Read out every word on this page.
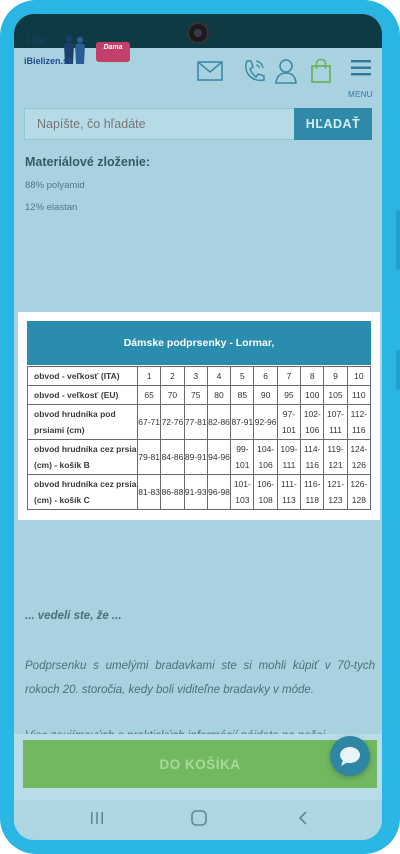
L&M
iBielizen.sk
Dama
MENU
Napíšte, čo hľadáte
HĽADAŤ
Materiálové zloženie:
88% polyamid
12% elastan
Dámske podprsenky - Lormar,
obvod - veľkosť (ITA)	1	2	3	4	5	6	7	8	9	10
obvod - veľkosť (EU)	65	70	75	80	85	90	95	100	105	110
obvod hrudníka pod prsiami (cm)	67-71	72-76	77-81	82-86	87-91	92-96	97-101	102-106	107-111	112-116
obvod hrudníka cez prsia (cm) - košík B	79-81	84-86	89-91	94-96	99-101	104-106	109-111	114-116	119-121	124-126
obvod hrudníka cez prsia (cm) - košík C	81-83	86-88	91-93	96-98	101-103	106-108	111-113	116-118	121-123	126-128
... vedeli ste, že ...
Podprsenku s umelými bradavkami ste si mohli kúpiť v 70-tych rokoch 20. storočia, kedy boli viditeľne bradavky v móde.
DO KOŠÍKA
